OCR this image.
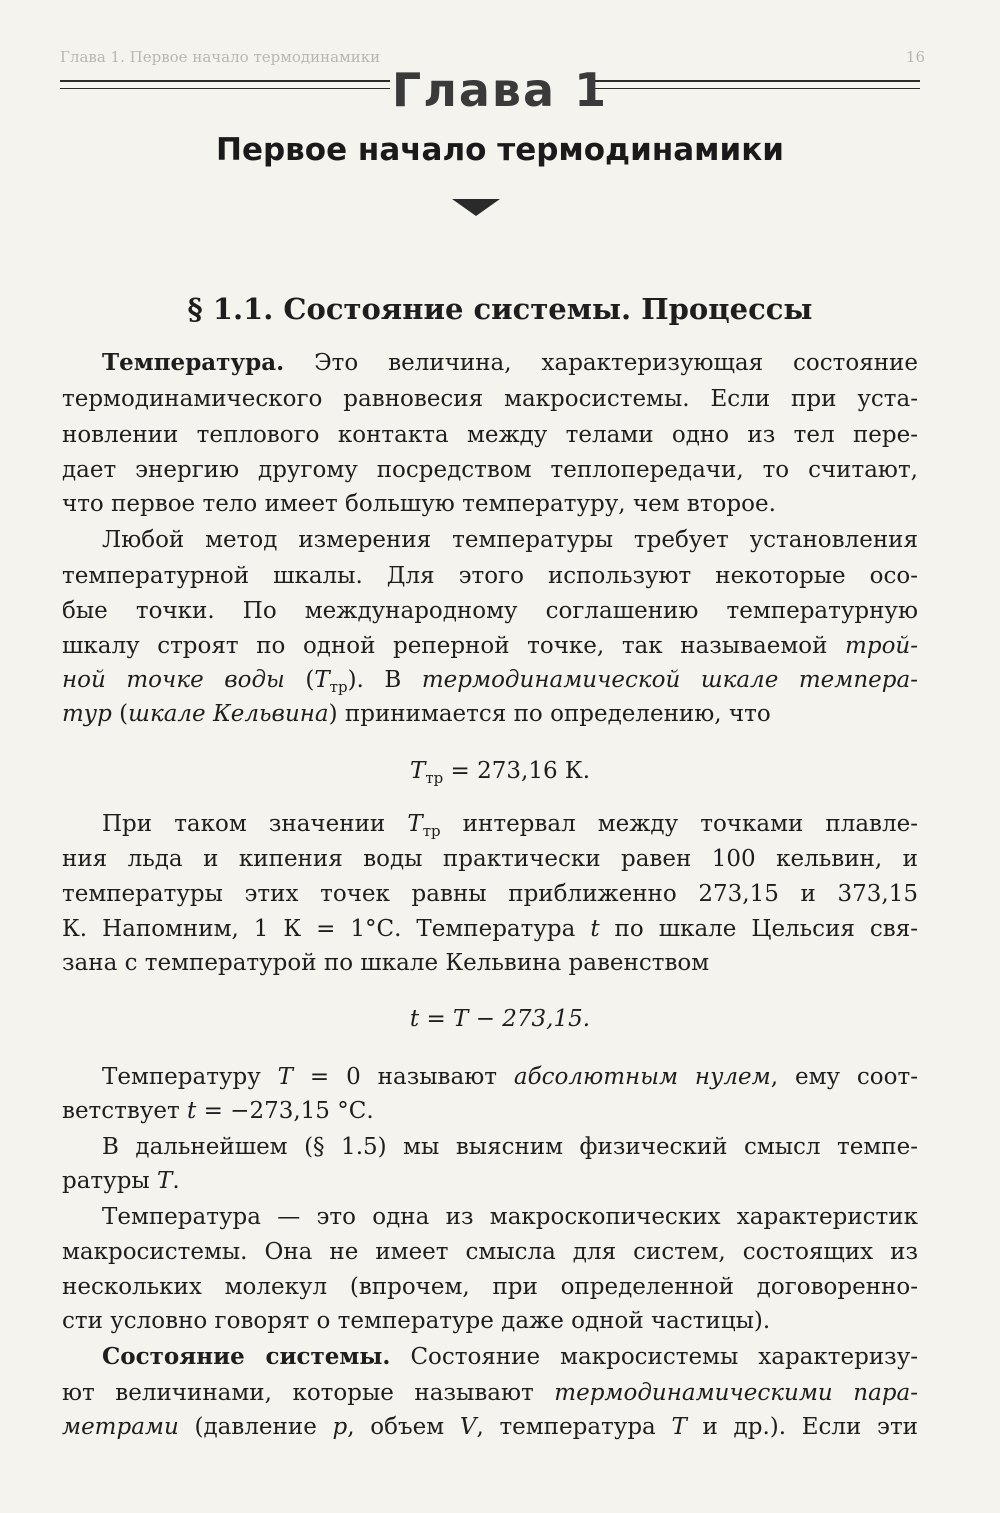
Глава 1. Первое начало термодинамики	16
Глава 1
Первое начало термодинамики
§ 1.1. Состояние системы. Процессы
Температура. Это величина, характеризующая состояние
термодинамического равновесия макросистемы. Если при уста-
новлении теплового контакта между телами одно из тел пере-
дает энергию другому посредством теплопередачи, то считают,
что первое тело имеет большую температуру, чем второе.
Любой метод измерения температуры требует установления
температурной шкалы. Для этого используют некоторые осо-
бые точки. По международному соглашению температурную
шкалу строят по одной реперной точке, так называемой трой-
ной точке воды $(T_{тр})$. В термодинамической шкале темпера-
тур (шкале Кельвина) принимается по определению, что
$T_{тр} = 273,16$ К.
При таком значении $T_{тр}$ интервал между точками плавле-
ния льда и кипения воды практически равен 100 кельвин, и
температуры этих точек равны приближенно 273,15 и 373,15
К. Напомним, 1 К = 1°С. Температура t по шкале Цельсия свя-
зана с температурой по шкале Кельвина равенством
t = T − 273,15.
Температуру T = 0 называют абсолютным нулем, ему соот-
ветствует t = −273,15 °С.
В дальнейшем (§ 1.5) мы выясним физический смысл темпе-
ратуры T.
Температура — это одна из макроскопических характеристик
макросистемы. Она не имеет смысла для систем, состоящих из
нескольких молекул (впрочем, при определенной договоренно-
сти условно говорят о температуре даже одной частицы).
Состояние системы. Состояние макросистемы характеризу-
ют величинами, которые называют термодинамическими пара-
метрами (давление p, объем V, температура T и др.). Если эти
